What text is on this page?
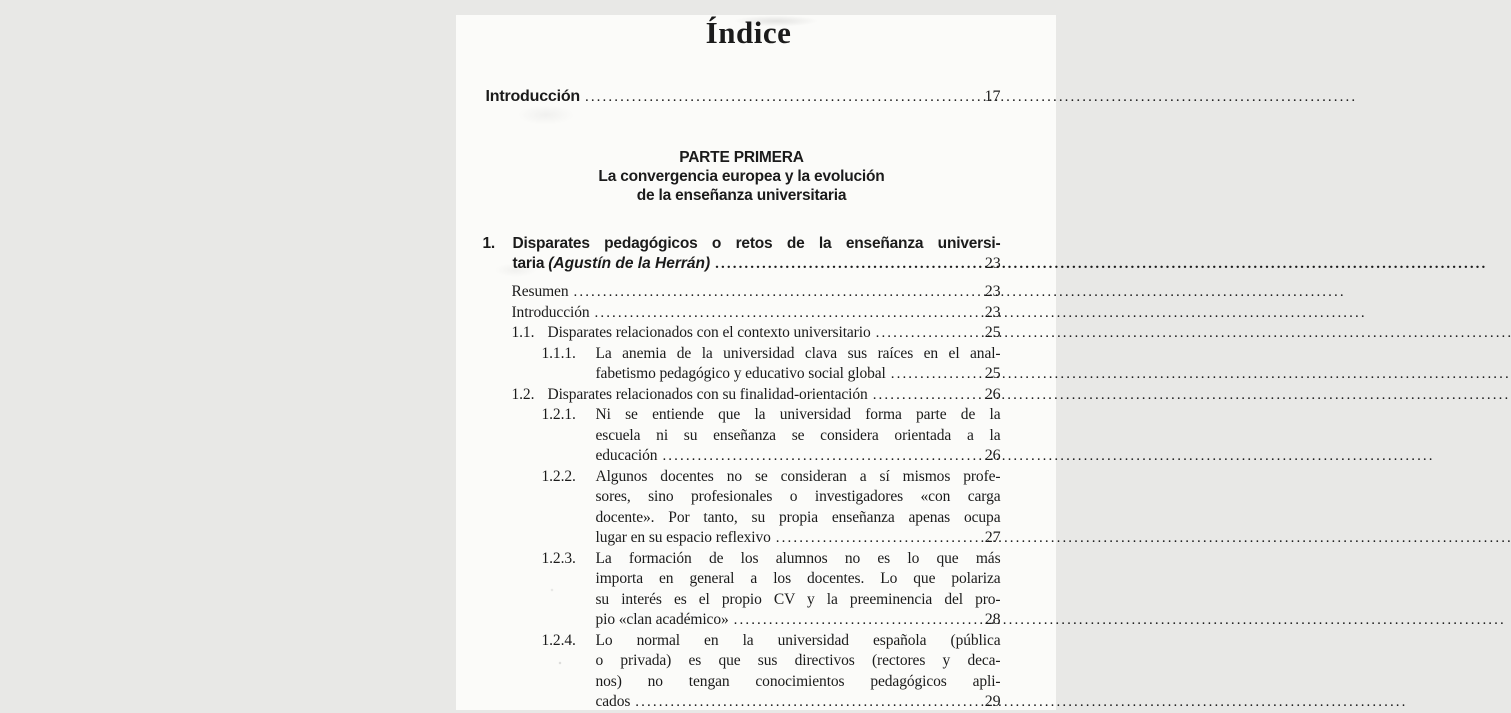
Índice
Introducción .....	17
PARTE PRIMERA
La convergencia europea y la evolución
de la enseñanza universitaria
1.	Disparates pedagógicos o retos de la enseñanza universi-
taria (Agustín de la Herrán) .....	23
Resumen .....	23
Introducción .....	23
1.1. Disparates relacionados con el contexto universitario .....	25
1.1.1.	La anemia de la universidad clava sus raíces en el anal-
fabetismo pedagógico y educativo social global .....	25
1.2. Disparates relacionados con su finalidad-orientación .....	26
1.2.1.	Ni se entiende que la universidad forma parte de la
escuela ni su enseñanza se considera orientada a la
educación .....	26
1.2.2.	Algunos docentes no se consideran a sí mismos profe-
sores, sino profesionales o investigadores «con carga
docente». Por tanto, su propia enseñanza apenas ocupa
lugar en su espacio reflexivo .....	27
1.2.3.	La formación de los alumnos no es lo que más
importa en general a los docentes. Lo que polariza
su interés es el propio CV y la preeminencia del pro-
pio «clan académico» .....	28
1.2.4.	Lo normal en la universidad española (pública
o privada) es que sus directivos (rectores y deca-
nos) no tengan conocimientos pedagógicos apli-
cados .....	29
